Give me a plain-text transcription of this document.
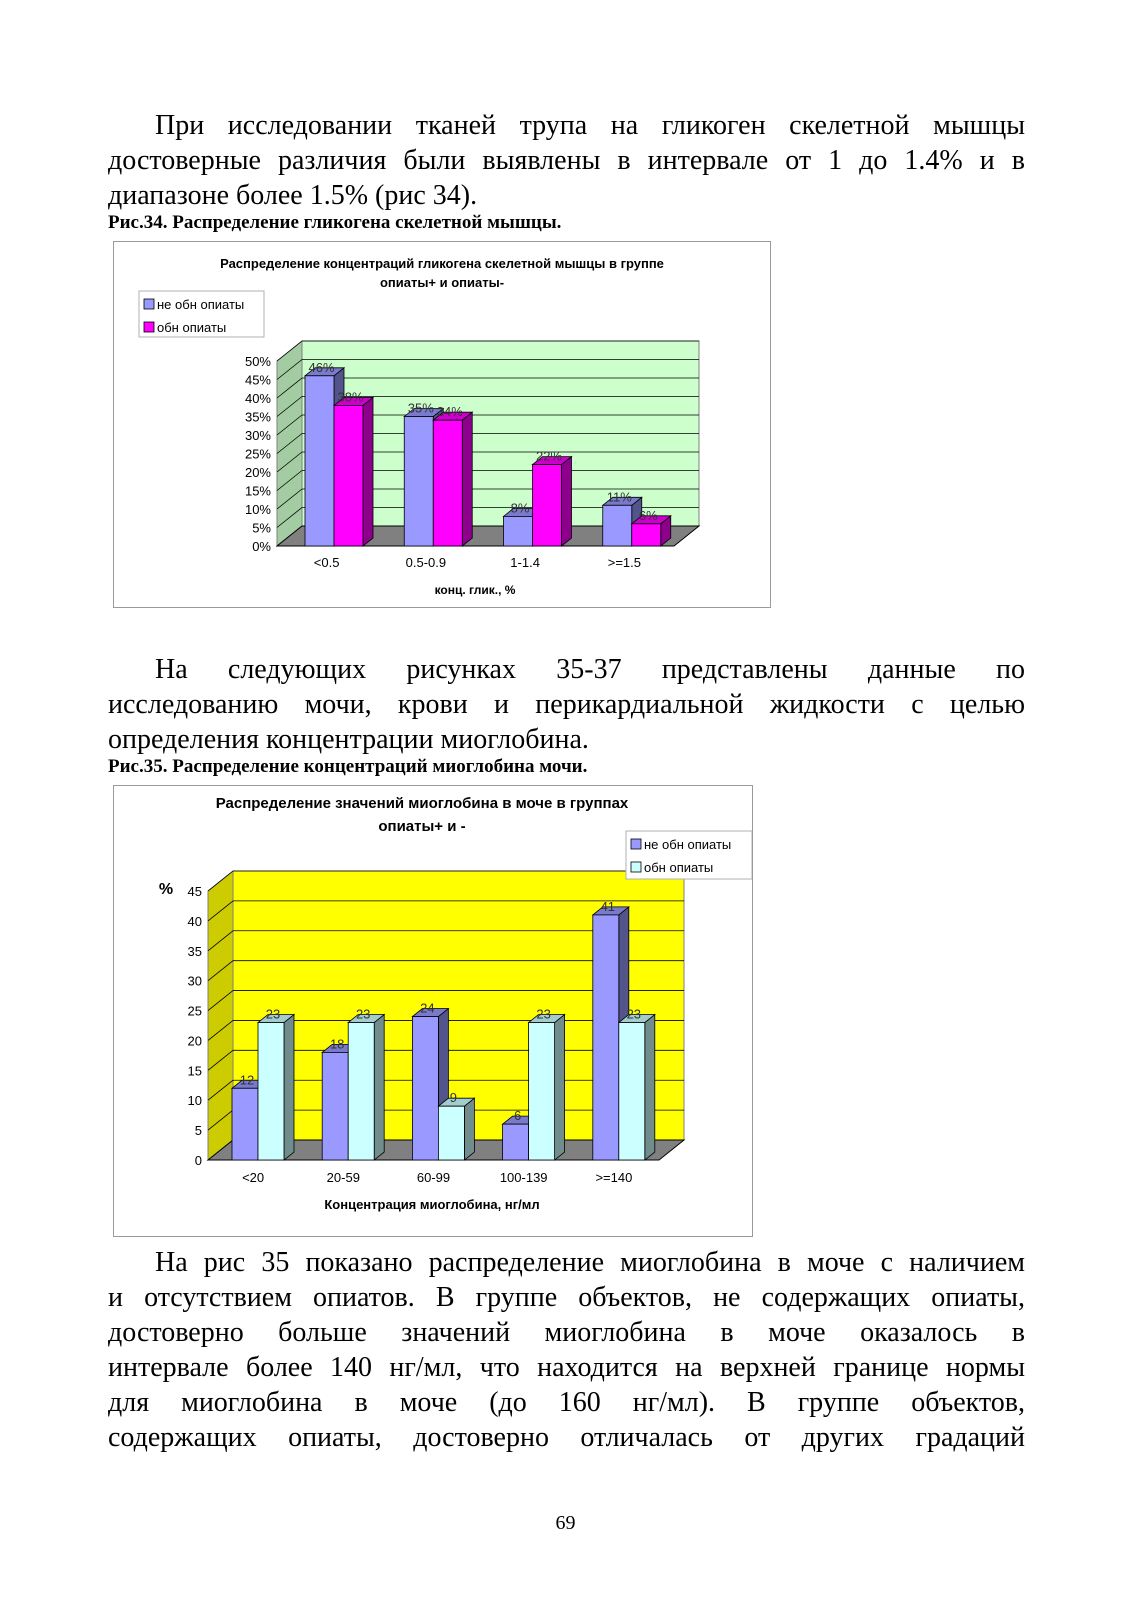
При исследовании тканей трупа на гликоген скелетной мышцы
достоверные различия были выявлены в интервале от 1 до 1.4% и в
диапазоне более 1.5% (рис 34).

Рис.34. Распределение гликогена скелетной мышцы.

Распределение концентраций гликогена скелетной мышцы в группе
опиаты+ и опиаты-
0%
5%
10%
15%
20%
25%
30%
35%
40%
45%
50%	46%
38%
<0.5
35% 34%
0.5-0.9
8%
22%
1-1.4
11%
6%
>=1.5
конц. глик., %
не обн опиаты
обн опиаты
На следующих рисунках 35-37 представлены данные по
исследованию мочи, крови и перикардиальной жидкости с целью
определения концентрации миоглобина.

Рис.35. Распределение концентраций миоглобина мочи.

Распределение значений миоглобина в моче в группах
опиаты+ и -
0
5
10
15
20
25
30
35
40
45
12
23
<20
18
23
20-59
24
9
60-99
6
23
100-139
41
23
>=140
Концентрация миоглобина, нг/мл
%
не обн опиаты
обн опиаты
На рис 35 показано распределение миоглобина в моче с наличием
и отсутствием опиатов. В группе объектов, не содержащих опиаты,
достоверно больше значений миоглобина в моче оказалось в
интервале более 140 нг/мл, что находится на верхней границе нормы
для миоглобина в моче (до 160 нг/мл). В группе объектов,
содержащих опиаты, достоверно отличалась от других градаций
69
